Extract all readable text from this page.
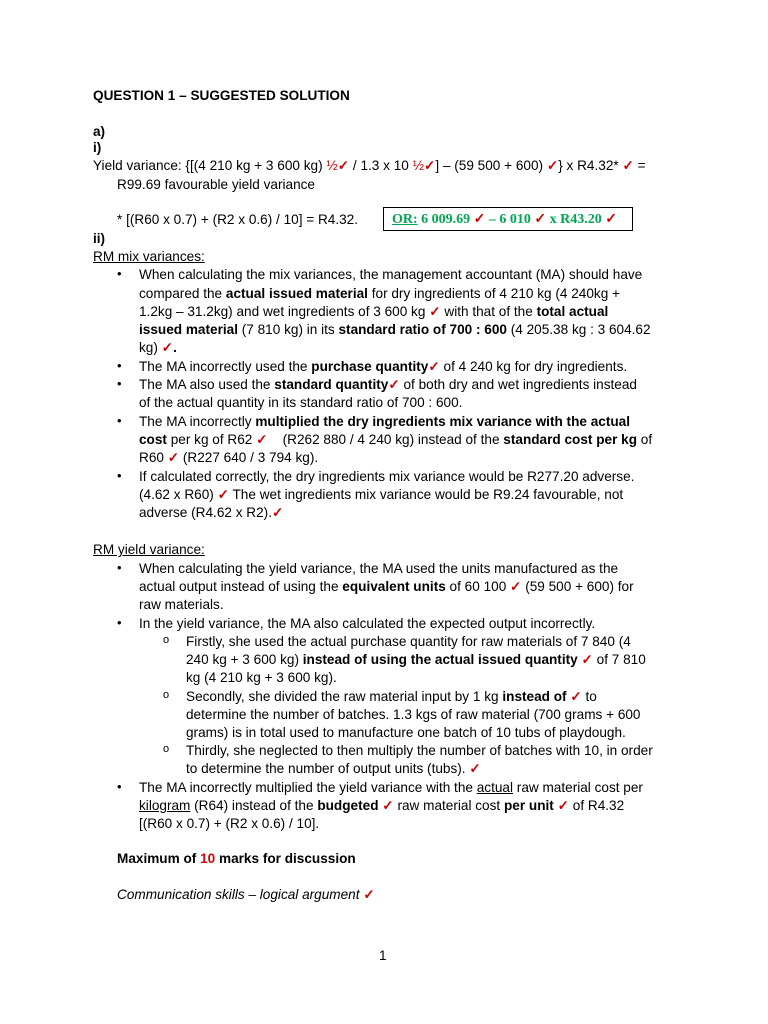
QUESTION 1 – SUGGESTED SOLUTION
a)
i)
Yield variance: {[(4 210 kg + 3 600 kg) ½✓ / 1.3 x 10 ½✓] – (59 500 + 600) ✓} x R4.32* ✓ =
R99.69 favourable yield variance
* [(R60 x 0.7) + (R2 x 0.6) / 10] = R4.32. OR: 6 009.69 ✓ – 6 010 ✓ x R43.20 ✓
ii)
RM mix variances:
• When calculating the mix variances, the management accountant (MA) should have
compared the actual issued material for dry ingredients of 4 210 kg (4 240kg +
1.2kg – 31.2kg) and wet ingredients of 3 600 kg ✓ with that of the total actual
issued material (7 810 kg) in its standard ratio of 700 : 600 (4 205.38 kg : 3 604.62
kg) ✓.
• The MA incorrectly used the purchase quantity✓ of 4 240 kg for dry ingredients.
• The MA also used the standard quantity✓ of both dry and wet ingredients instead
of the actual quantity in its standard ratio of 700 : 600.
• The MA incorrectly multiplied the dry ingredients mix variance with the actual
cost per kg of R62 ✓    (R262 880 / 4 240 kg) instead of the standard cost per kg of
R60 ✓ (R227 640 / 3 794 kg).
• If calculated correctly, the dry ingredients mix variance would be R277.20 adverse.
(4.62 x R60) ✓ The wet ingredients mix variance would be R9.24 favourable, not
adverse (R4.62 x R2).✓
RM yield variance:
• When calculating the yield variance, the MA used the units manufactured as the
actual output instead of using the equivalent units of 60 100 ✓ (59 500 + 600) for
raw materials.
• In the yield variance, the MA also calculated the expected output incorrectly.
o Firstly, she used the actual purchase quantity for raw materials of 7 840 (4
240 kg + 3 600 kg) instead of using the actual issued quantity ✓ of 7 810
kg (4 210 kg + 3 600 kg).
o Secondly, she divided the raw material input by 1 kg instead of ✓ to
determine the number of batches. 1.3 kgs of raw material (700 grams + 600
grams) is in total used to manufacture one batch of 10 tubs of playdough.
o Thirdly, she neglected to then multiply the number of batches with 10, in order
to determine the number of output units (tubs). ✓
• The MA incorrectly multiplied the yield variance with the actual raw material cost per
kilogram (R64) instead of the budgeted ✓ raw material cost per unit ✓ of R4.32
[(R60 x 0.7) + (R2 x 0.6) / 10].
Maximum of 10 marks for discussion
Communication skills – logical argument ✓
1
